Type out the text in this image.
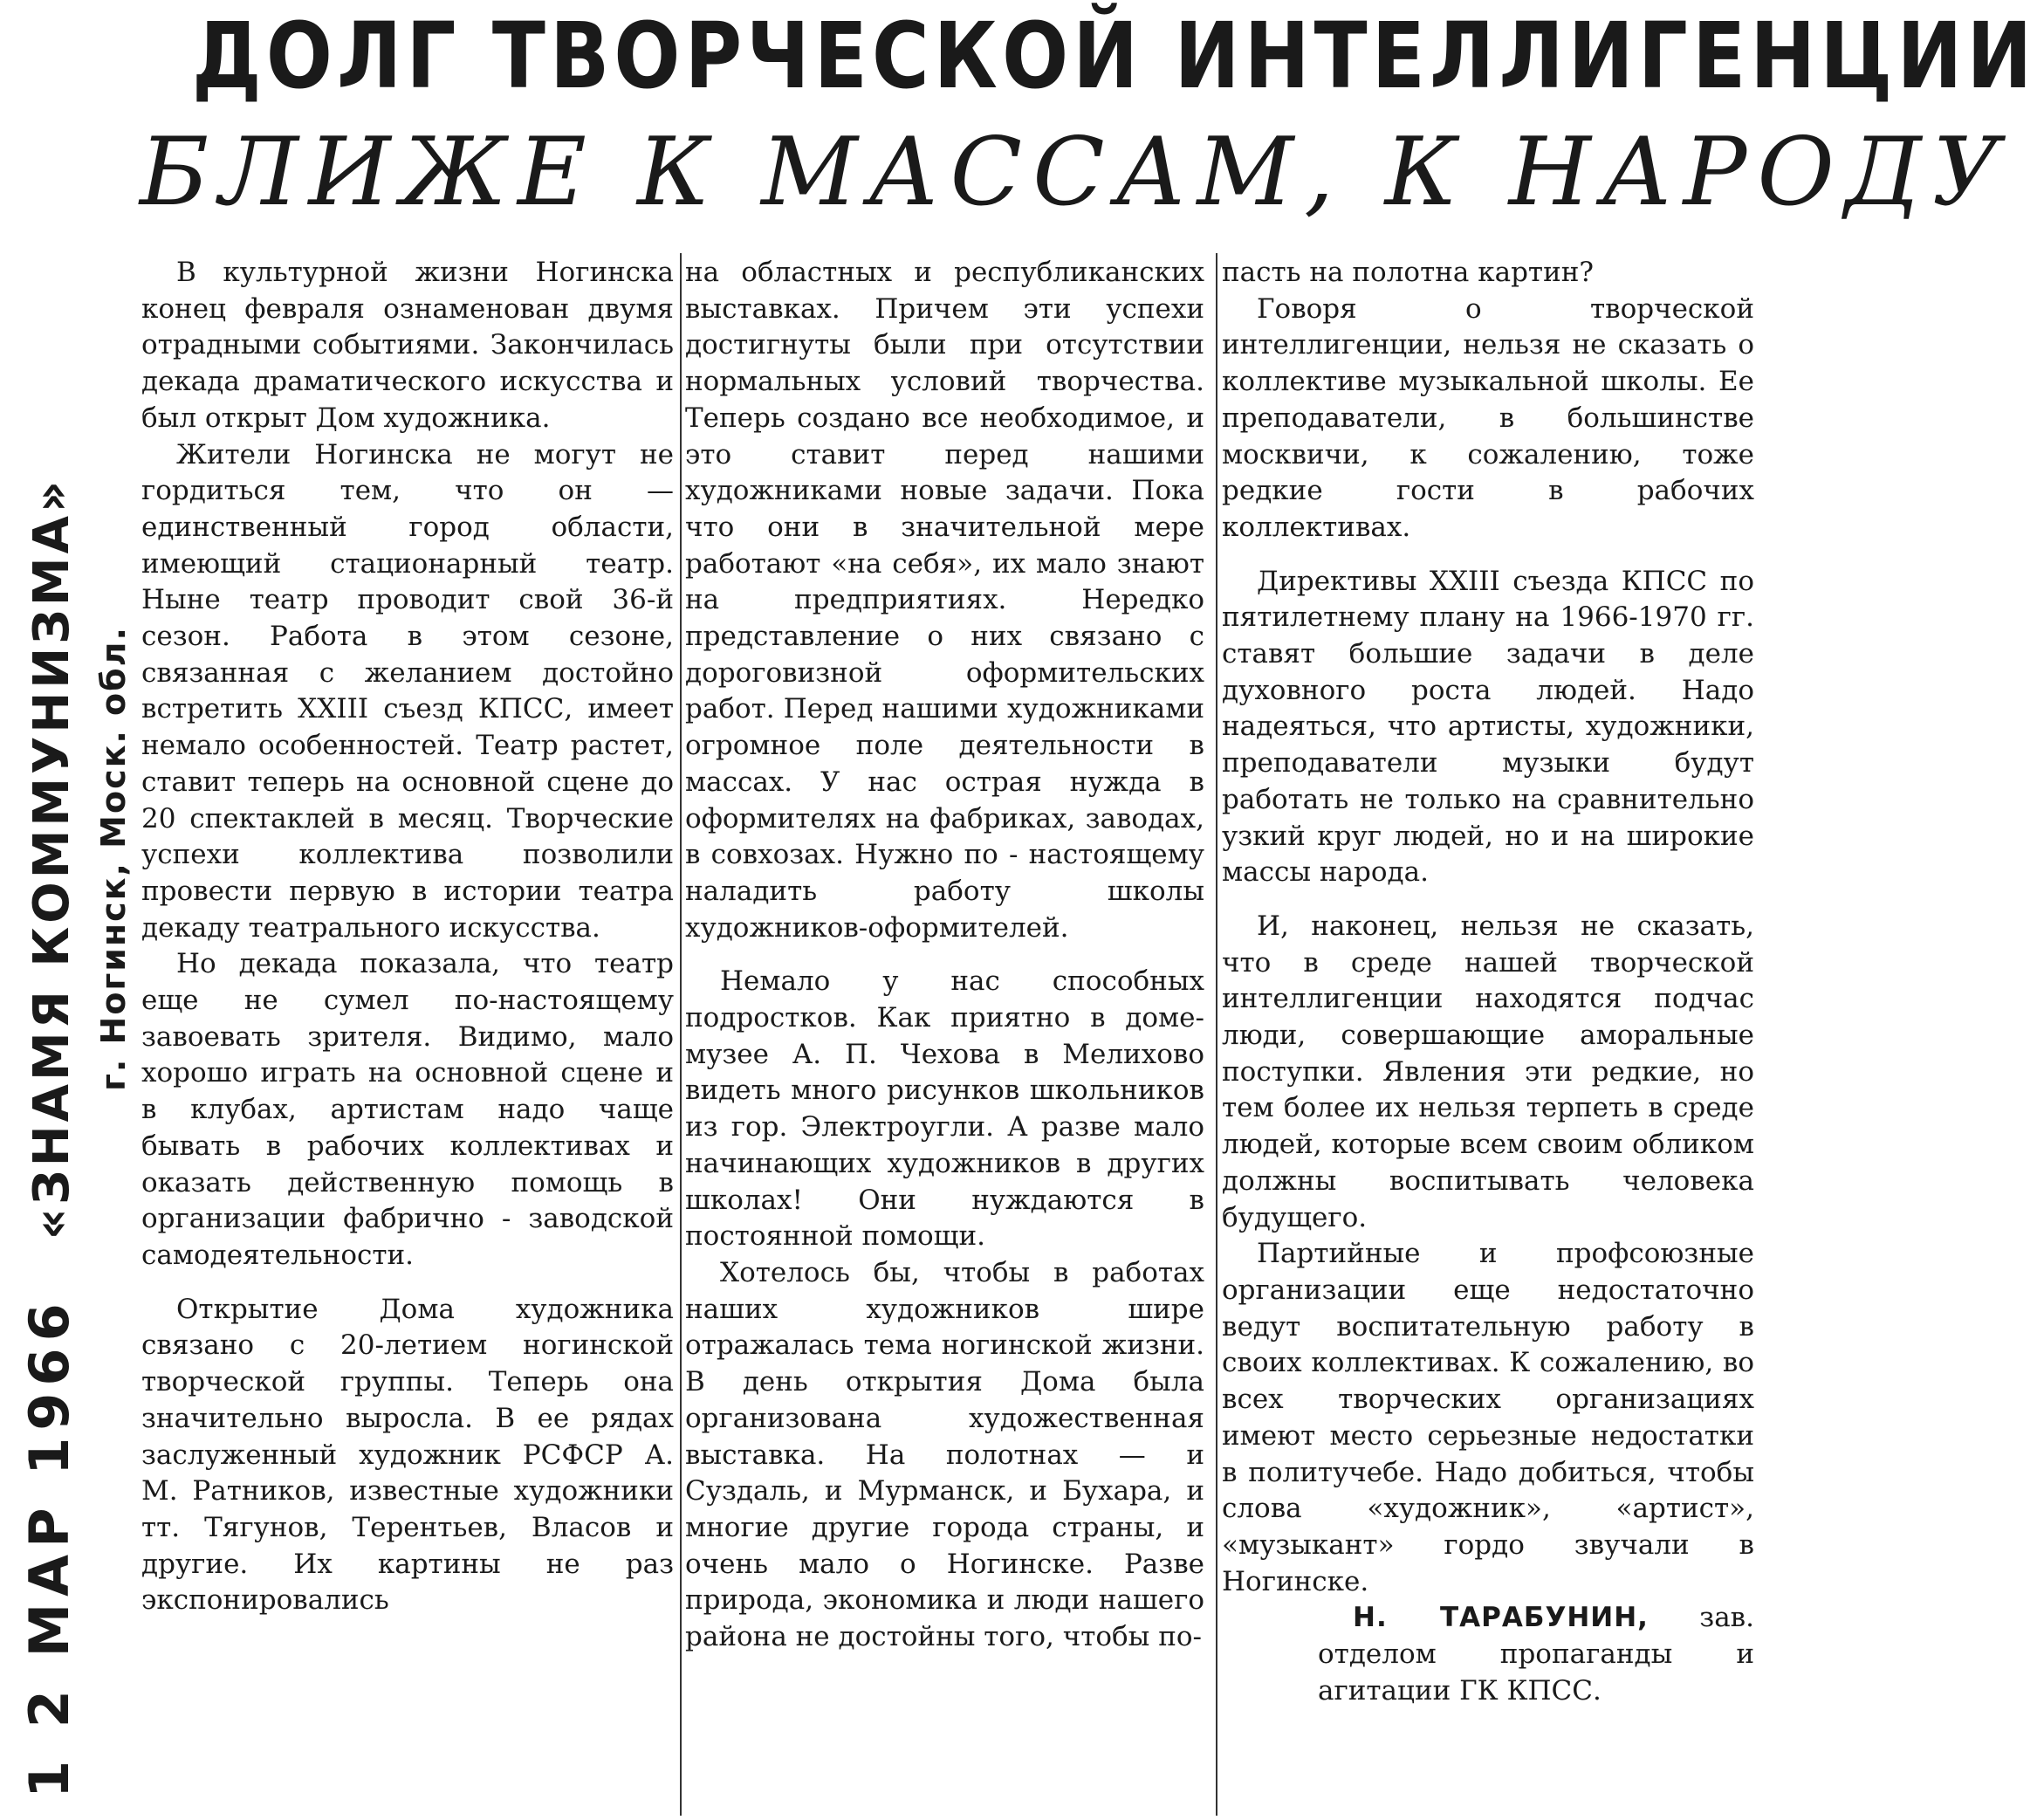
ДОЛГ ТВОРЧЕСКОЙ ИНТЕЛЛИГЕНЦИИ
БЛИЖЕ К МАССАМ, К НАРОДУ
1 2 МАР 1966 «ЗНАМЯ КОММУНИЗМА» г. Ногинск, Моск. обл.

В культурной жизни Ногинска конец февраля ознаменован двумя отрадными событиями. Закончилась декада драматического искусства и был открыт Дом художника.

Жители Ногинска не могут не гордиться тем, что он — единственный город области, имеющий стационарный театр. Ныне театр проводит свой 36-й сезон. Работа в этом сезоне, связанная с желанием достойно встретить XXIII съезд КПСС, имеет немало особенностей. Театр растет, ставит теперь на основной сцене до 20 спектаклей в месяц. Творческие успехи коллектива позволили провести первую в истории театра декаду театрального искусства.

Но декада показала, что театр еще не сумел по-настоящему завоевать зрителя. Видимо, мало хорошо играть на основной сцене и в клубах, артистам надо чаще бывать в рабочих коллективах и оказать действенную помощь в организации фабрично - заводской самодеятельности.

Открытие Дома художника связано с 20-летием ногинской творческой группы. Теперь она значительно выросла. В ее рядах заслуженный художник РСФСР А. М. Ратников, известные художники тт. Тягунов, Терентьев, Власов и другие. Их картины не раз экспонировались

на областных и республиканских выставках. Причем эти успехи достигнуты были при отсутствии нормальных условий творчества. Теперь создано все необходимое, и это ставит перед нашими художниками новые задачи. Пока что они в значительной мере работают «на себя», их мало знают на предприятиях. Нередко представление о них связано с дороговизной оформительских работ. Перед нашими художниками огромное поле деятельности в массах. У нас острая нужда в оформителях на фабриках, заводах, в совхозах. Нужно по - настоящему наладить работу школы художников-оформителей.

Немало у нас способных подростков. Как приятно в доме-музее А. П. Чехова в Мелихово видеть много рисунков школьников из гор. Электроугли. А разве мало начинающих художников в других школах! Они нуждаются в постоянной помощи.

Хотелось бы, чтобы в работах наших художников шире отражалась тема ногинской жизни. В день открытия Дома была организована художественная выставка. На полотнах — и Суздаль, и Мурманск, и Бухара, и многие другие города страны, и очень мало о Ногинске. Разве природа, экономика и люди нашего района не достойны того, чтобы по-

пасть на полотна картин?

Говоря о творческой интеллигенции, нельзя не сказать о коллективе музыкальной школы. Ее преподаватели, в большинстве москвичи, к сожалению, тоже редкие гости в рабочих коллективах.

Директивы XXIII съезда КПСС по пятилетнему плану на 1966-1970 гг. ставят большие задачи в деле духовного роста людей. Надо надеяться, что артисты, художники, преподаватели музыки будут работать не только на сравнительно узкий круг людей, но и на широкие массы народа.

И, наконец, нельзя не сказать, что в среде нашей творческой интеллигенции находятся подчас люди, совершающие аморальные поступки. Явления эти редкие, но тем более их нельзя терпеть в среде людей, которые всем своим обликом должны воспитывать человека будущего.

Партийные и профсоюзные организации еще недостаточно ведут воспитательную работу в своих коллективах. К сожалению, во всех творческих организациях имеют место серьезные недостатки в политучебе. Надо добиться, чтобы слова «художник», «артист», «музыкант» гордо звучали в Ногинске.

Н. ТАРАБУНИН, зав. отделом пропаганды и агитации ГК КПСС.
